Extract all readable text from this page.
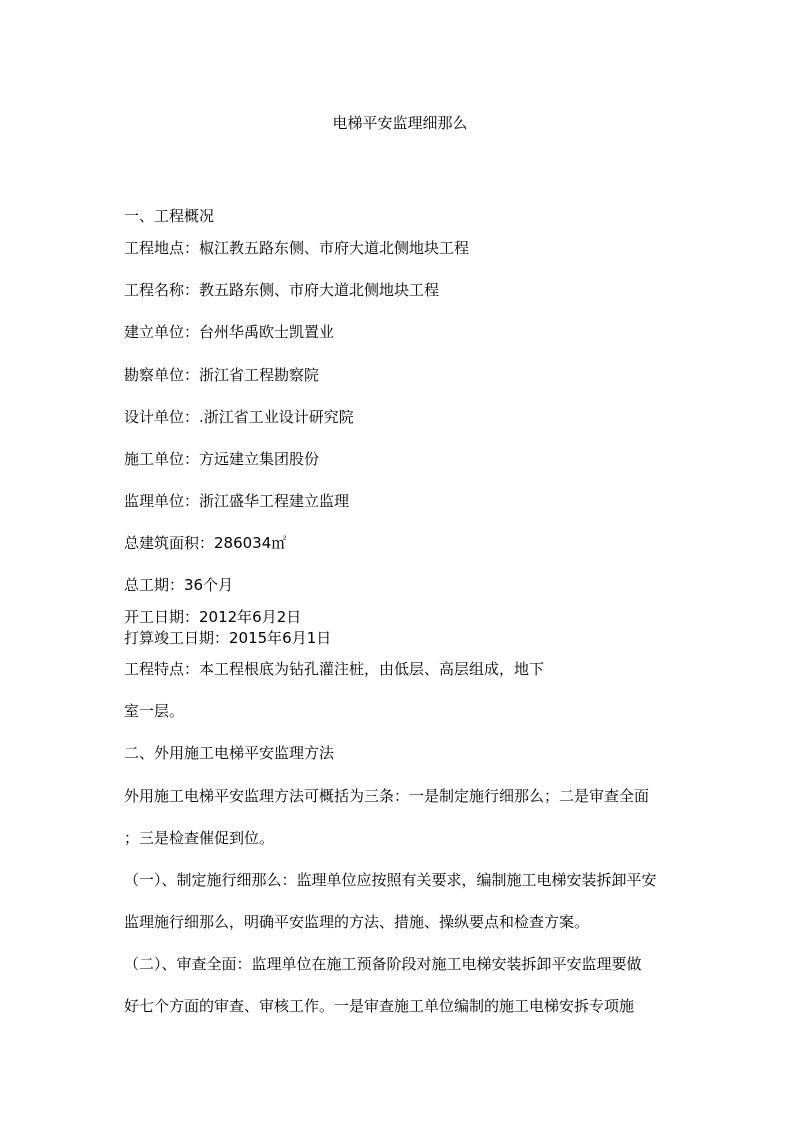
电梯平安监理细那么
一、工程概况
工程地点：椒江教五路东侧、市府大道北侧地块工程
工程名称：教五路东侧、市府大道北侧地块工程
建立单位：台州华禹欧士凯置业
勘察单位：浙江省工程勘察院
设计单位：.浙江省工业设计研究院
施工单位：方远建立集团股份
监理单位：浙江盛华工程建立监理
总建筑面积：286034㎡
总工期：36个月
开工日期：2012年6月2日
打算竣工日期：2015年6月1日
工程特点：本工程根底为钻孔灌注桩，由低层、高层组成，地下
室一层。
二、外用施工电梯平安监理方法
外用施工电梯平安监理方法可概括为三条：一是制定施行细那么；二是审查全面
；三是检查催促到位。
（一）、制定施行细那么：监理单位应按照有关要求，编制施工电梯安装拆卸平安
监理施行细那么，明确平安监理的方法、措施、操纵要点和检查方案。
（二）、审查全面：监理单位在施工预备阶段对施工电梯安装拆卸平安监理要做
好七个方面的审查、审核工作。一是审查施工单位编制的施工电梯安拆专项施
